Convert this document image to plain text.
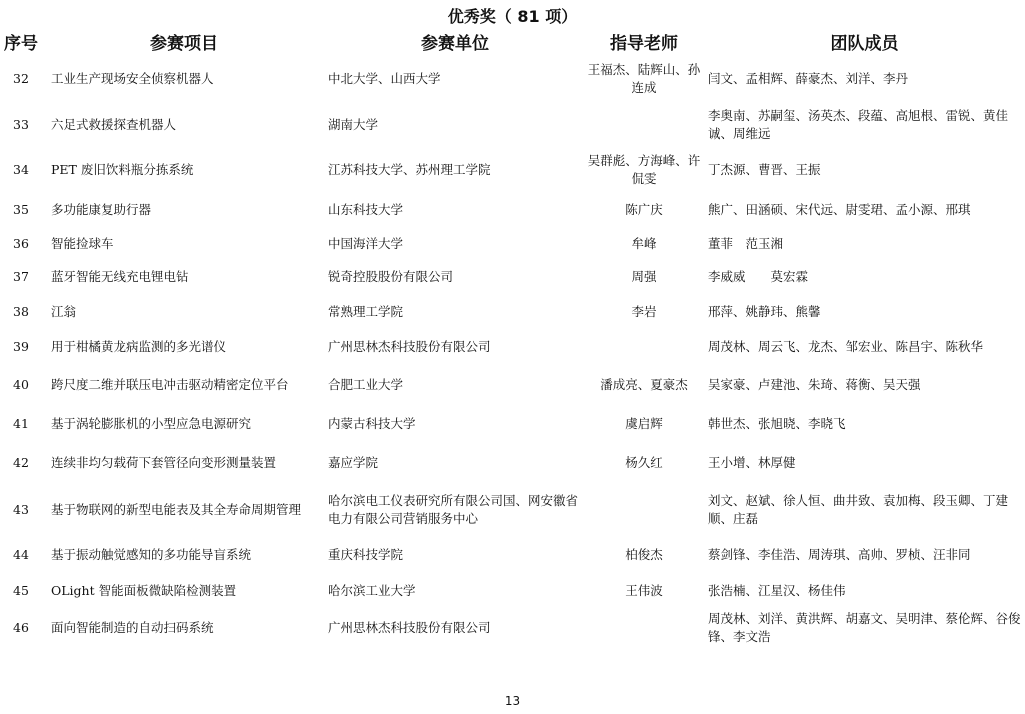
优秀奖（ 81 项）
序号	参赛项目	参赛单位	指导老师	团队成员
32	工业生产现场安全侦察机器人	中北大学、山西大学	王福杰、陆辉山、孙连成	闫文、孟相辉、薛豪杰、刘洋、李丹
33	六足式救援探查机器人	湖南大学		李奥南、苏嗣玺、汤英杰、段蕴、高旭根、雷锐、黄佳诚、周维远
34	PET 废旧饮料瓶分拣系统	江苏科技大学、苏州理工学院	吴群彪、方海峰、许侃雯	丁杰源、曹晋、王振
35	多功能康复助行器	山东科技大学	陈广庆	熊广、田涵硕、宋代远、尉雯珺、孟小源、邢琪
36	智能捡球车	中国海洋大学	牟峰	董菲　范玉湘
37	蓝牙智能无线充电锂电钻	锐奇控股股份有限公司	周强	李威威　　莫宏霖
38	江翁	常熟理工学院	李岩	邢萍、姚静玮、熊馨
39	用于柑橘黄龙病监测的多光谱仪	广州思林杰科技股份有限公司		周茂林、周云飞、龙杰、邹宏业、陈昌宇、陈秋华
40	跨尺度二维并联压电冲击驱动精密定位平台	合肥工业大学	潘成亮、夏豪杰	吴家豪、卢建池、朱琦、蒋衡、吴天强
41	基于涡轮膨胀机的小型应急电源研究	内蒙古科技大学	虞启辉	韩世杰、张旭晓、李晓飞
42	连续非均匀载荷下套管径向变形测量装置	嘉应学院	杨久红	王小增、林厚健
43	基于物联网的新型电能表及其全寿命周期管理	哈尔滨电工仪表研究所有限公司国、网安徽省电力有限公司营销服务中心		刘文、赵斌、徐人恒、曲井致、袁加梅、段玉卿、丁建顺、庄磊
44	基于振动触觉感知的多功能导盲系统	重庆科技学院	柏俊杰	蔡剑锋、李佳浩、周涛琪、高帅、罗桢、汪非同
45	OLight 智能面板微缺陷检测装置	哈尔滨工业大学	王伟波	张浩楠、江星汉、杨佳伟
46	面向智能制造的自动扫码系统	广州思林杰科技股份有限公司		周茂林、刘洋、黄洪辉、胡嘉文、吴明津、蔡伦辉、谷俊锋、李文浩
13
